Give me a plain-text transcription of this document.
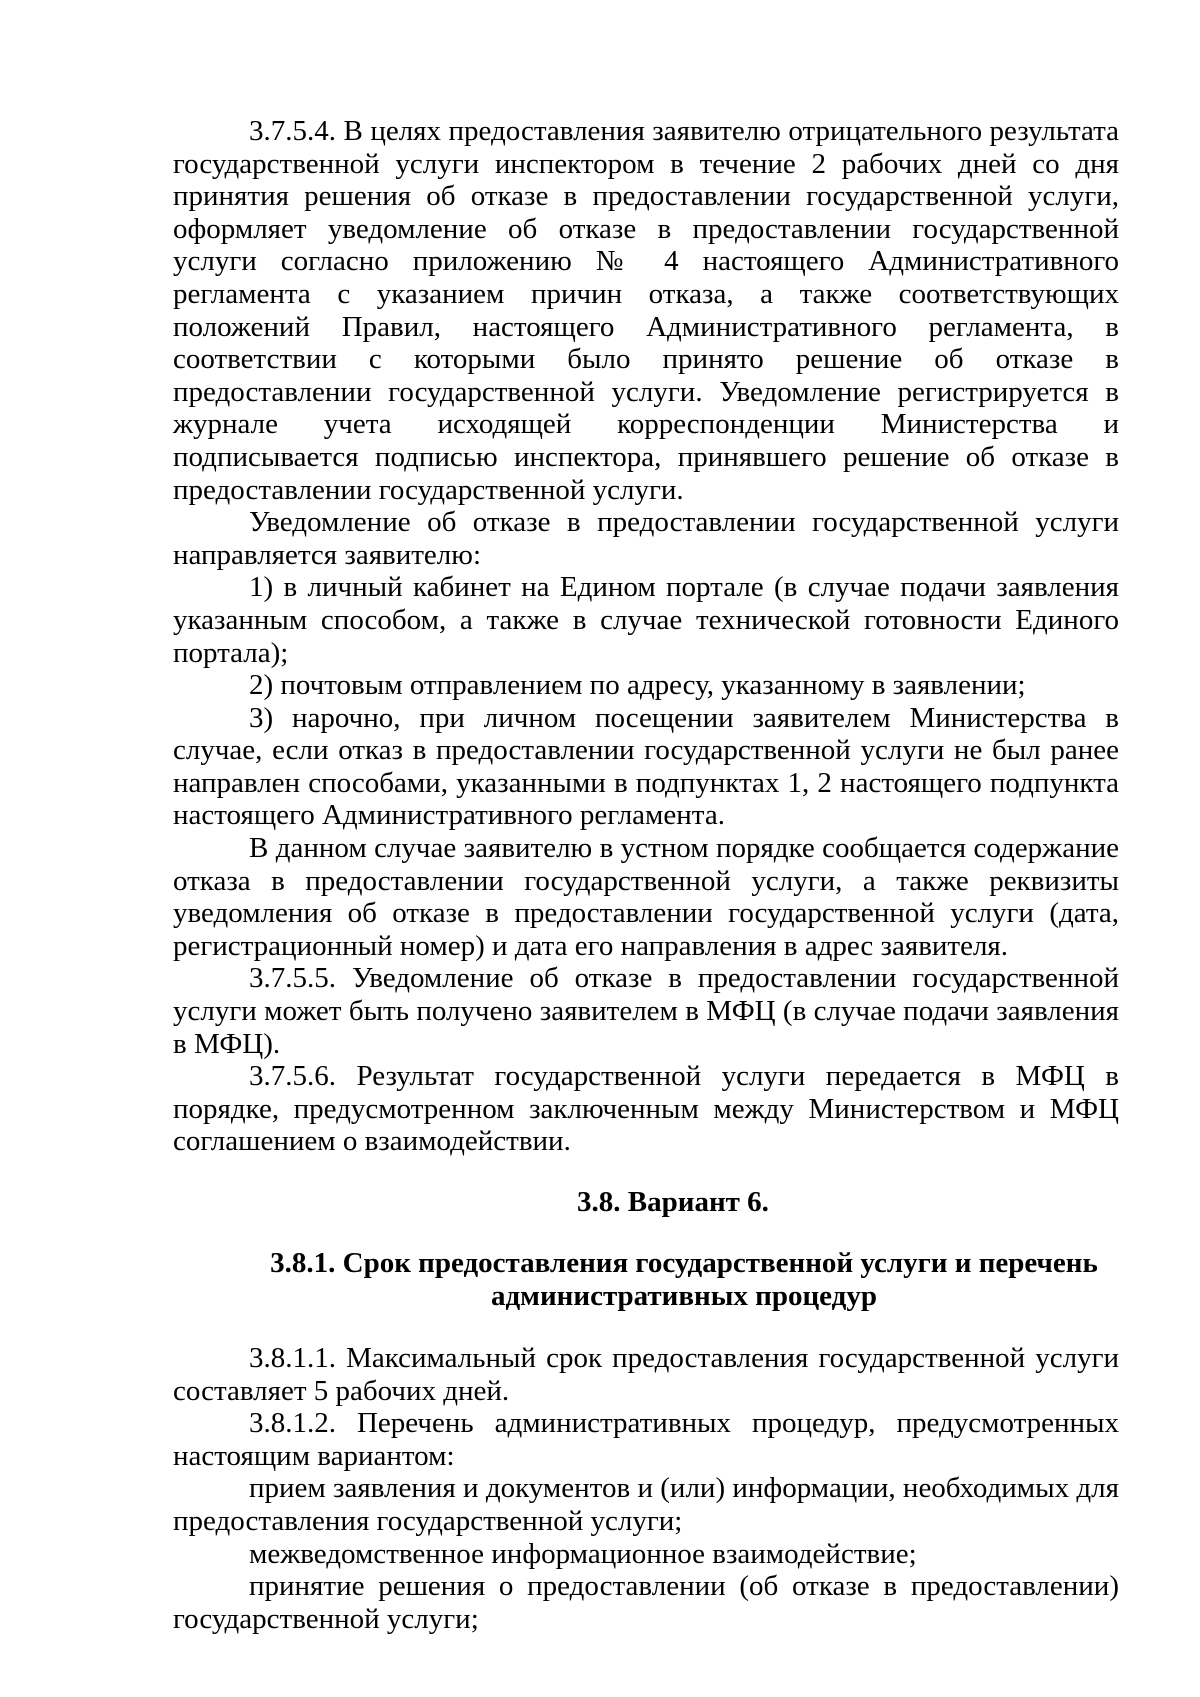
3.7.5.4. В целях предоставления заявителю отрицательного результата государственной услуги инспектором в течение 2 рабочих дней со дня принятия решения об отказе в предоставлении государственной услуги, оформляет уведомление об отказе в предоставлении государственной услуги согласно приложению № 4 настоящего Административного регламента с указанием причин отказа, а также соответствующих положений Правил, настоящего Административного регламента, в соответствии с которыми было принято решение об отказе в предоставлении государственной услуги. Уведомление регистрируется в журнале учета исходящей корреспонденции Министерства и подписывается подписью инспектора, принявшего решение об отказе в предоставлении государственной услуги.

Уведомление об отказе в предоставлении государственной услуги направляется заявителю:

1) в личный кабинет на Едином портале (в случае подачи заявления указанным способом, а также в случае технической готовности Единого портала);

2) почтовым отправлением по адресу, указанному в заявлении;

3) нарочно, при личном посещении заявителем Министерства в случае, если отказ в предоставлении государственной услуги не был ранее направлен способами, указанными в подпунктах 1, 2 настоящего подпункта настоящего Административного регламента.

В данном случае заявителю в устном порядке сообщается содержание отказа в предоставлении государственной услуги, а также реквизиты уведомления об отказе в предоставлении государственной услуги (дата, регистрационный номер) и дата его направления в адрес заявителя.

3.7.5.5. Уведомление об отказе в предоставлении государственной услуги может быть получено заявителем в МФЦ (в случае подачи заявления в МФЦ).

3.7.5.6. Результат государственной услуги передается в МФЦ в порядке, предусмотренном заключенным между Министерством и МФЦ соглашением о взаимодействии.

3.8. Вариант 6.

3.8.1. Срок предоставления государственной услуги и перечень
административных процедур

3.8.1.1. Максимальный срок предоставления государственной услуги составляет 5 рабочих дней.

3.8.1.2. Перечень административных процедур, предусмотренных настоящим вариантом:

прием заявления и документов и (или) информации, необходимых для предоставления государственной услуги;

межведомственное информационное взаимодействие;

принятие решения о предоставлении (об отказе в предоставлении) государственной услуги;
